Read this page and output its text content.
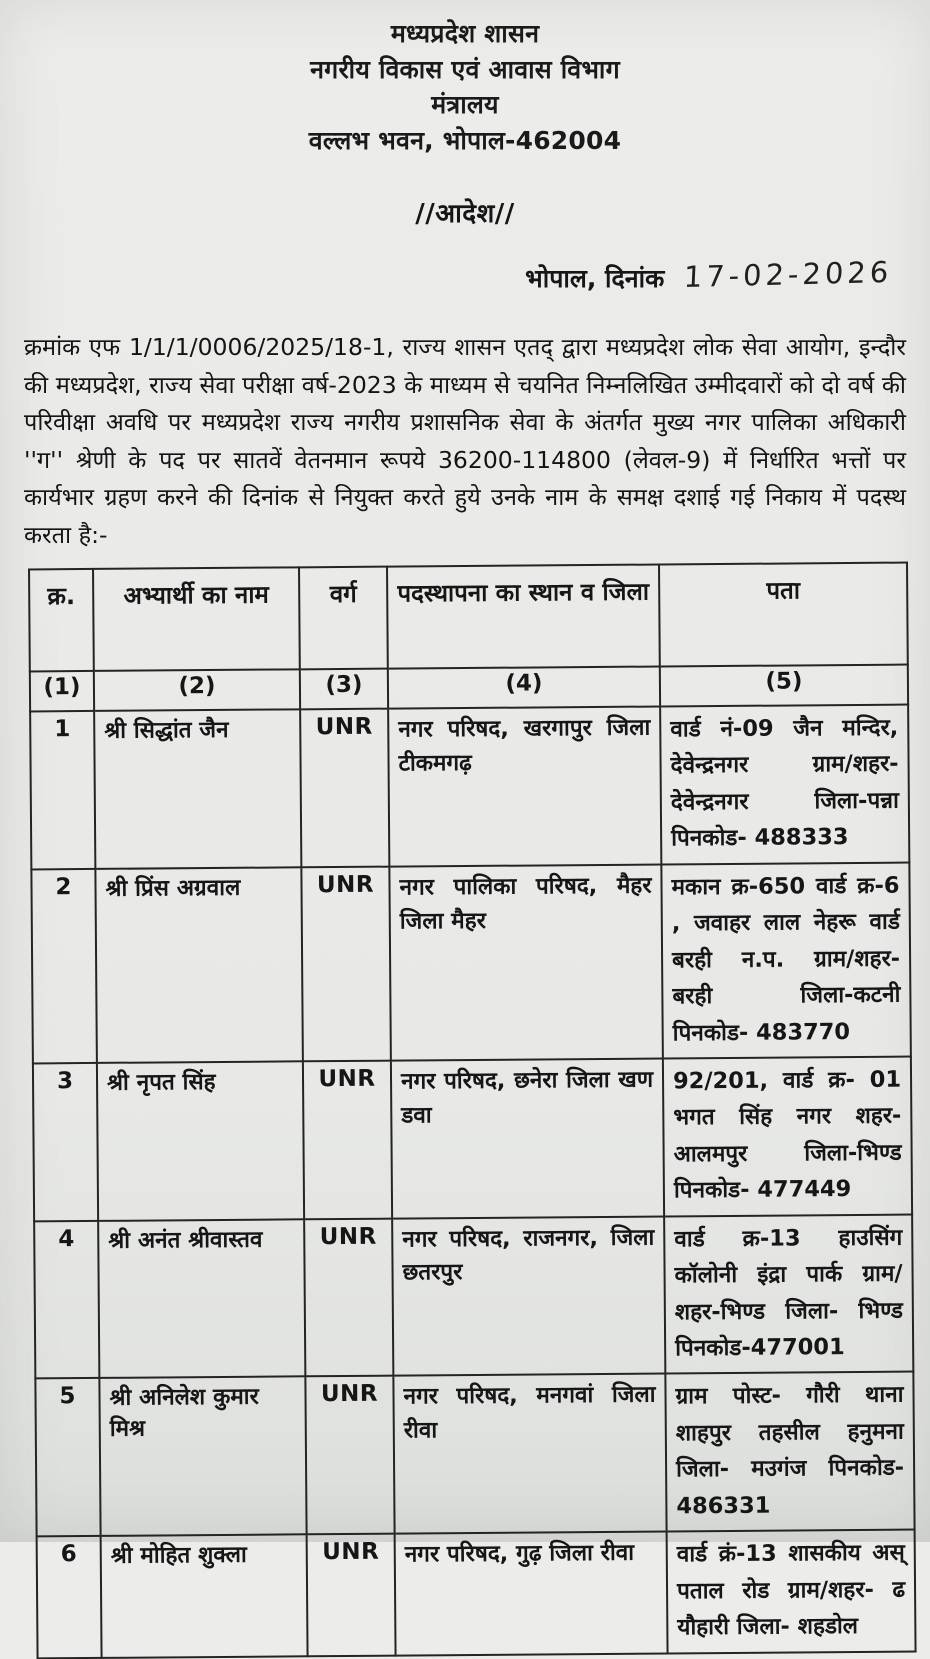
मध्यप्रदेश शासन
नगरीय विकास एवं आवास विभाग
मंत्रालय
वल्लभ भवन, भोपाल-462004
//आदेश//
भोपाल, दिनांक 17-02-2026

क्रमांक एफ 1/1/1/0006/2025/18-1, राज्य शासन एतद् द्वारा मध्यप्रदेश लोक सेवा आयोग, इन्दौर की मध्यप्रदेश, राज्य सेवा परीक्षा वर्ष-2023 के माध्यम से चयनित निम्नलिखित उम्मीदवारों को दो वर्ष की परिवीक्षा अवधि पर मध्यप्रदेश राज्य नगरीय प्रशासनिक सेवा के अंतर्गत मुख्य नगर पालिका अधिकारी ''ग'' श्रेणी के पद पर सातवें वेतनमान रूपये 36200-114800 (लेवल-9) में निर्धारित भत्तों पर कार्यभार ग्रहण करने की दिनांक से नियुक्त करते हुये उनके नाम के समक्ष दशाई गई निकाय में पदस्थ करता है:-

क्र.	अभ्यार्थी का नाम	वर्ग	पदस्थापना का स्थान व जिला	पता
(1)	(2)	(3)	(4)	(5)
1	श्री सिद्धांत जैन	UNR	नगर परिषद, खरगापुर जिला टीकमगढ़	वार्ड नं-09 जैन मन्दिर, देवेन्द्रनगर ग्राम/शहर- देवेन्द्रनगर जिला-पन्ना पिनकोड- 488333
2	श्री प्रिंस अग्रवाल	UNR	नगर पालिका परिषद, मैहर जिला मैहर	मकान क्र-650 वार्ड क्र-6 , जवाहर लाल नेहरू वार्ड बरही न.प. ग्राम/शहर- बरही जिला-कटनी पिनकोड- 483770
3	श्री नृपत सिंह	UNR	नगर परिषद, छनेरा जिला खण डवा	92/201, वार्ड क्र- 01 भगत सिंह नगर शहर- आलमपुर जिला-भिण्ड पिनकोड- 477449
4	श्री अनंत श्रीवास्तव	UNR	नगर परिषद, राजनगर, जिला छतरपुर	वार्ड क्र-13 हाउसिंग कॉलोनी इंद्रा पार्क ग्राम/शहर-भिण्ड जिला- भिण्ड पिनकोड-477001
5	श्री अनिलेश कुमार मिश्र	UNR	नगर परिषद, मनगवां जिला रीवा	ग्राम पोस्ट- गौरी थाना शाहपुर तहसील हनुमना जिला- मउगंज पिनकोड- 486331
6	श्री मोहित शुक्ला	UNR	नगर परिषद, गुढ़ जिला रीवा	वार्ड क्रं-13 शासकीय अस् पताल रोड ग्राम/शहर- ढ यौहारी जिला- शहडोल
